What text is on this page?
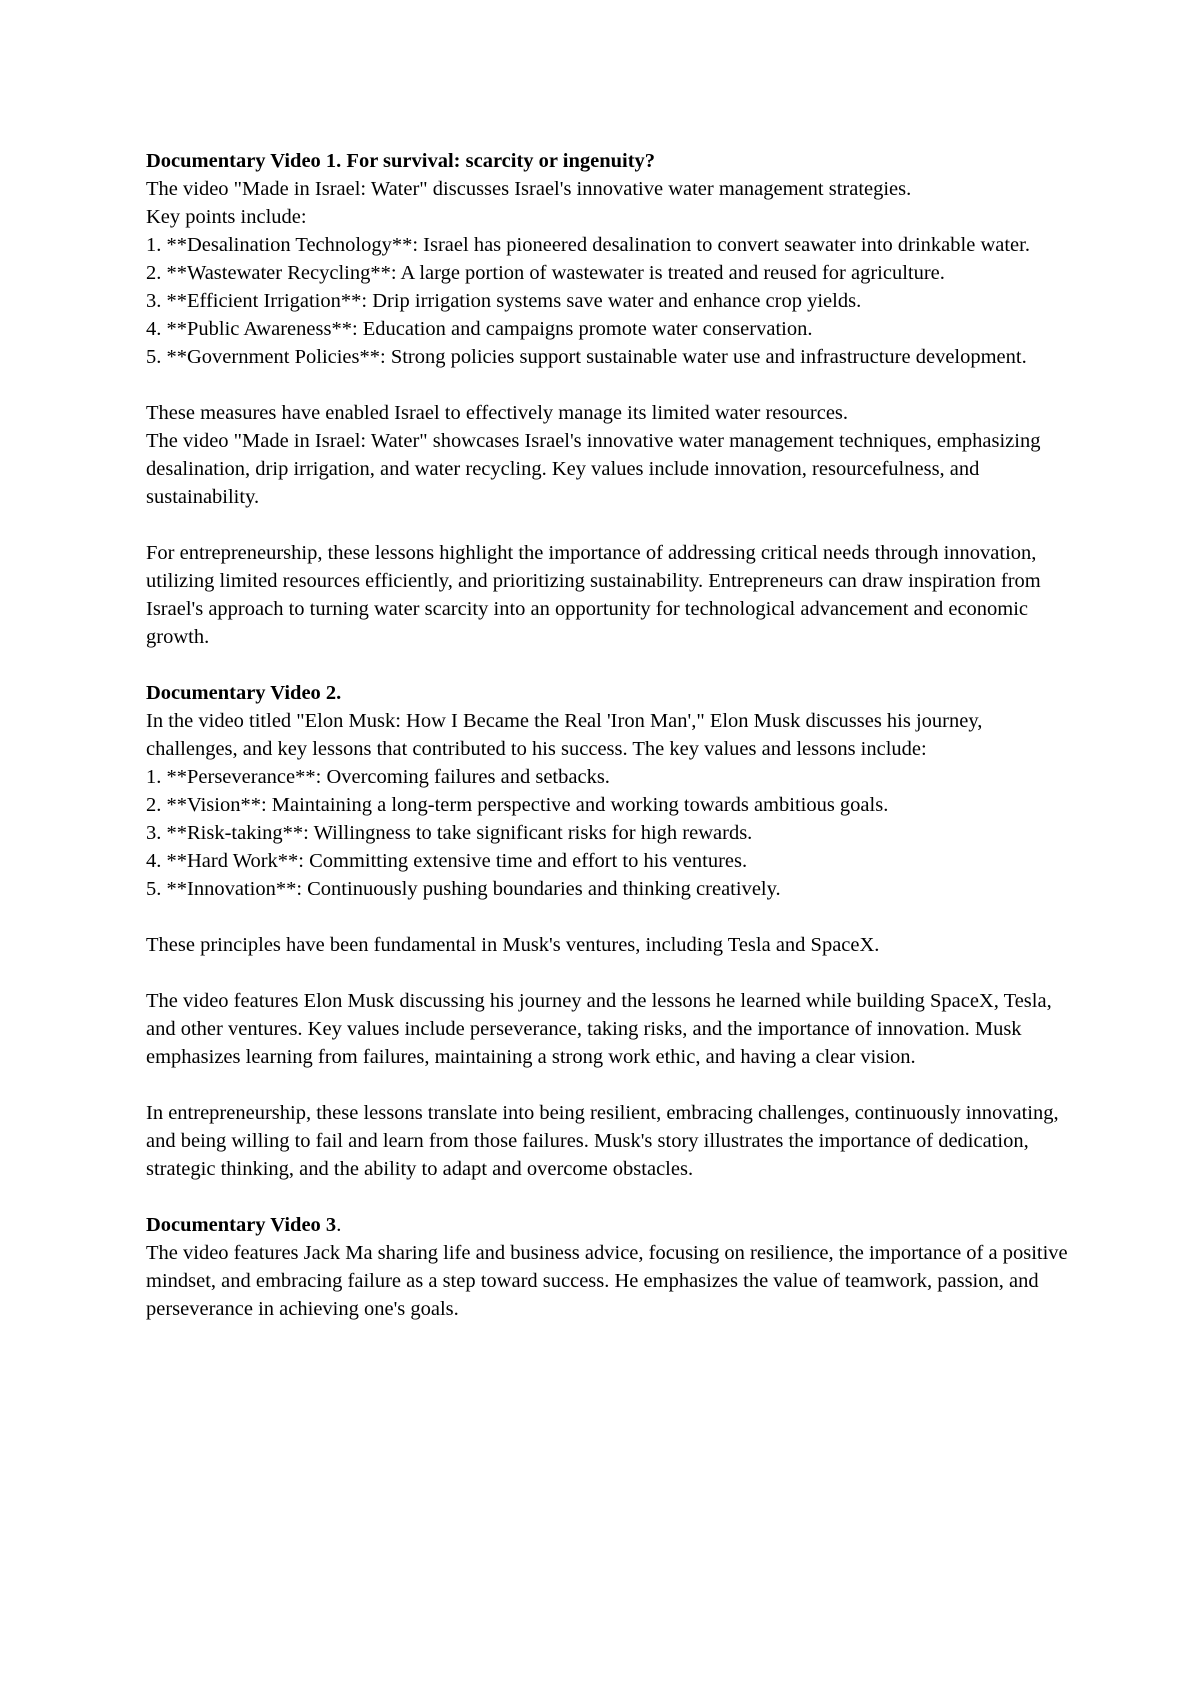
Documentary Video 1. For survival: scarcity or ingenuity?

The video "Made in Israel: Water" discusses Israel's innovative water management strategies.

Key points include:

1. **Desalination Technology**: Israel has pioneered desalination to convert seawater into drinkable water.
2. **Wastewater Recycling**: A large portion of wastewater is treated and reused for agriculture.
3. **Efficient Irrigation**: Drip irrigation systems save water and enhance crop yields.
4. **Public Awareness**: Education and campaigns promote water conservation.
5. **Government Policies**: Strong policies support sustainable water use and infrastructure development.

These measures have enabled Israel to effectively manage its limited water resources.

The video "Made in Israel: Water" showcases Israel's innovative water management techniques, emphasizing desalination, drip irrigation, and water recycling. Key values include innovation, resourcefulness, and sustainability.

For entrepreneurship, these lessons highlight the importance of addressing critical needs through innovation, utilizing limited resources efficiently, and prioritizing sustainability. Entrepreneurs can draw inspiration from Israel's approach to turning water scarcity into an opportunity for technological advancement and economic growth.

Documentary Video 2.

In the video titled "Elon Musk: How I Became the Real 'Iron Man'," Elon Musk discusses his journey, challenges, and key lessons that contributed to his success. The key values and lessons include:

1. **Perseverance**: Overcoming failures and setbacks.
2. **Vision**: Maintaining a long-term perspective and working towards ambitious goals.
3. **Risk-taking**: Willingness to take significant risks for high rewards.
4. **Hard Work**: Committing extensive time and effort to his ventures.
5. **Innovation**: Continuously pushing boundaries and thinking creatively.

These principles have been fundamental in Musk's ventures, including Tesla and SpaceX.

The video features Elon Musk discussing his journey and the lessons he learned while building SpaceX, Tesla, and other ventures. Key values include perseverance, taking risks, and the importance of innovation. Musk emphasizes learning from failures, maintaining a strong work ethic, and having a clear vision.

In entrepreneurship, these lessons translate into being resilient, embracing challenges, continuously innovating, and being willing to fail and learn from those failures. Musk's story illustrates the importance of dedication, strategic thinking, and the ability to adapt and overcome obstacles.

Documentary Video 3.

The video features Jack Ma sharing life and business advice, focusing on resilience, the importance of a positive mindset, and embracing failure as a step toward success. He emphasizes the value of teamwork, passion, and perseverance in achieving one's goals.
